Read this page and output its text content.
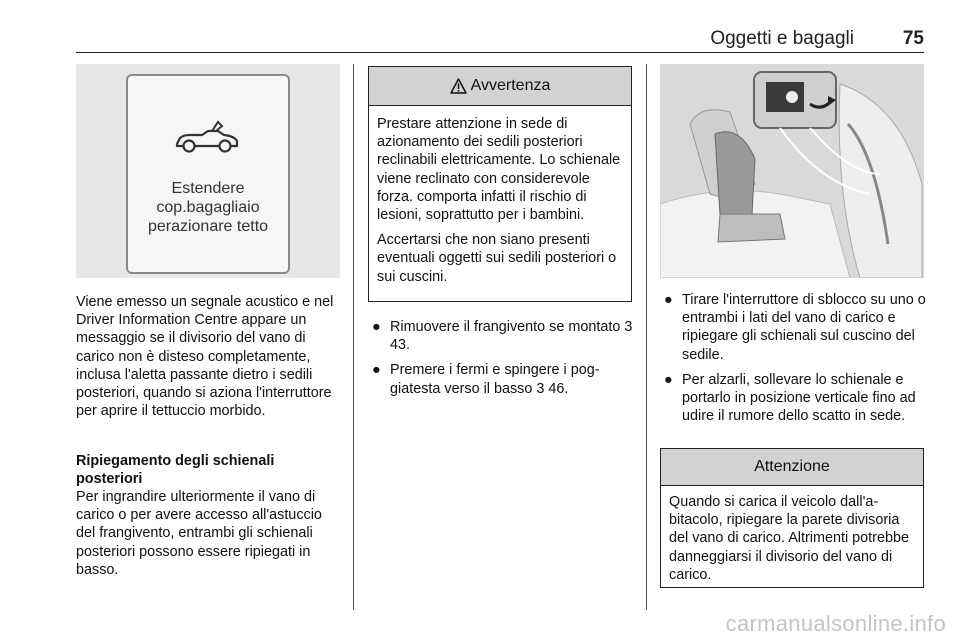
Oggetti e bagagli	75
Estendere
cop.bagagliaio
perazionare tetto
Viene emesso un segnale acustico e nel Driver Information Centre appare un messaggio se il divisorio del vano di carico non è disteso completamente, inclusa l'aletta passante dietro i sedili posteriori, quando si aziona l'interruttore per aprire il tettuccio morbido.
Ripiegamento degli schienali posteriori
Per ingrandire ulteriormente il vano di carico o per avere accesso all'astuccio del frangivento, entrambi gli schienali posteriori possono essere ripiegati in basso.
Avvertenza

Prestare attenzione in sede di azionamento dei sedili posteriori reclinabili elettricamente. Lo schienale viene reclinato con considerevole forza. comporta infatti il rischio di lesioni, soprattutto per i bambini.

Accertarsi che non siano presenti eventuali oggetti sui sedili posteriori o sui cuscini.

● Rimuovere il frangivento se montato 3 43.
● Premere i fermi e spingere i poggiatesta verso il basso 3 46.
● Tirare l'interruttore di sblocco su uno o entrambi i lati del vano di carico e ripiegare gli schienali sul cuscino del sedile.
● Per alzarli, sollevare lo schienale e portarlo in posizione verticale fino ad udire il rumore dello scatto in sede.
Attenzione
Quando si carica il veicolo dall'abitacolo, ripiegare la parete divisoria del vano di carico. Altrimenti potrebbe danneggiarsi il divisorio del vano di carico.
carmanualsonline.info
